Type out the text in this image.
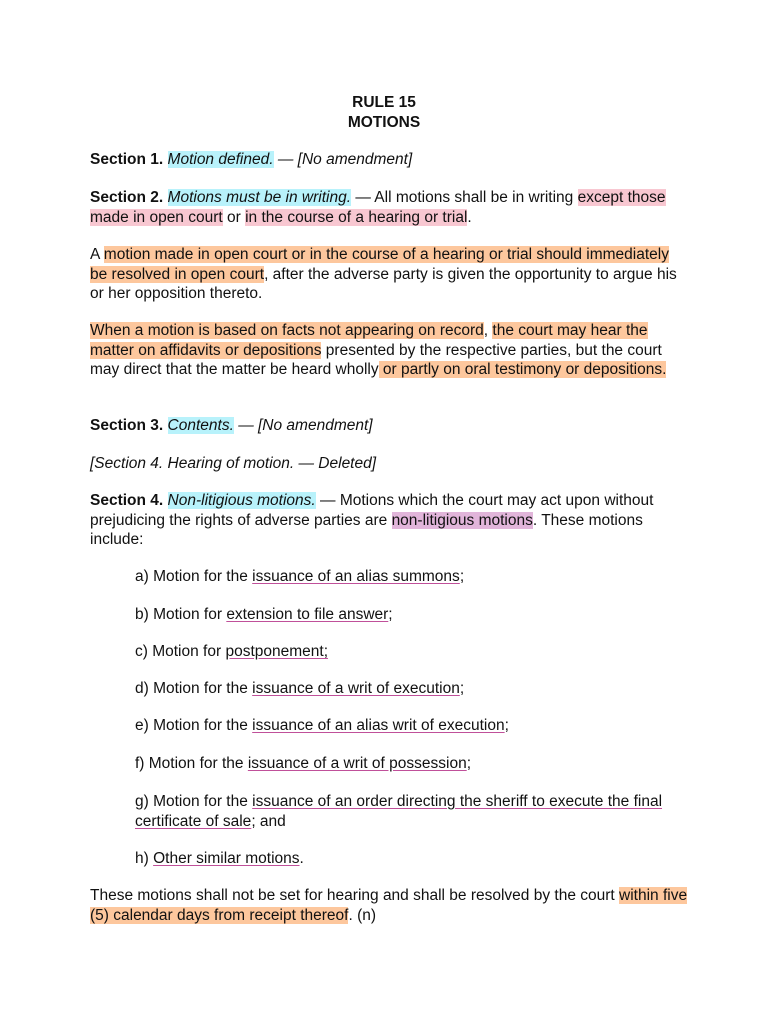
RULE 15
MOTIONS

Section 1. Motion defined. — [No amendment]

Section 2. Motions must be in writing. — All motions shall be in writing except those made in open court or in the course of a hearing or trial.

A motion made in open court or in the course of a hearing or trial should immediately be resolved in open court, after the adverse party is given the opportunity to argue his or her opposition thereto.

When a motion is based on facts not appearing on record, the court may hear the matter on affidavits or depositions presented by the respective parties, but the court may direct that the matter be heard wholly or partly on oral testimony or depositions.

Section 3. Contents. — [No amendment]

[Section 4. Hearing of motion. — Deleted]

Section 4. Non-litigious motions. — Motions which the court may act upon without prejudicing the rights of adverse parties are non-litigious motions. These motions include:

a) Motion for the issuance of an alias summons;

b) Motion for extension to file answer;

c) Motion for postponement;

d) Motion for the issuance of a writ of execution;

e) Motion for the issuance of an alias writ of execution;

f) Motion for the issuance of a writ of possession;

g) Motion for the issuance of an order directing the sheriff to execute the final certificate of sale; and

h) Other similar motions.

These motions shall not be set for hearing and shall be resolved by the court within five (5) calendar days from receipt thereof. (n)
